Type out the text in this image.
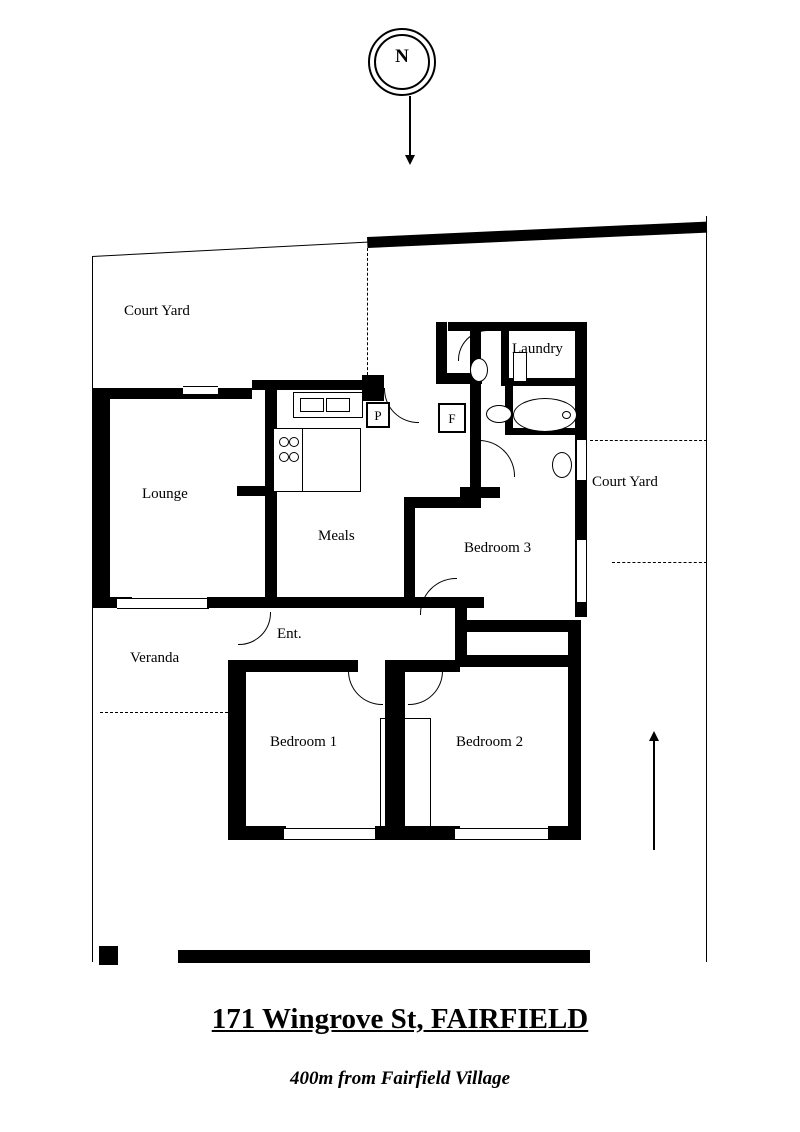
N
P	F
Court Yard
Lounge
Meals
Laundry
Court Yard
Bedroom 3
Veranda
Ent.
Bedroom 1	Bedroom 2
171 Wingrove St, FAIRFIELD
400m from Fairfield Village
